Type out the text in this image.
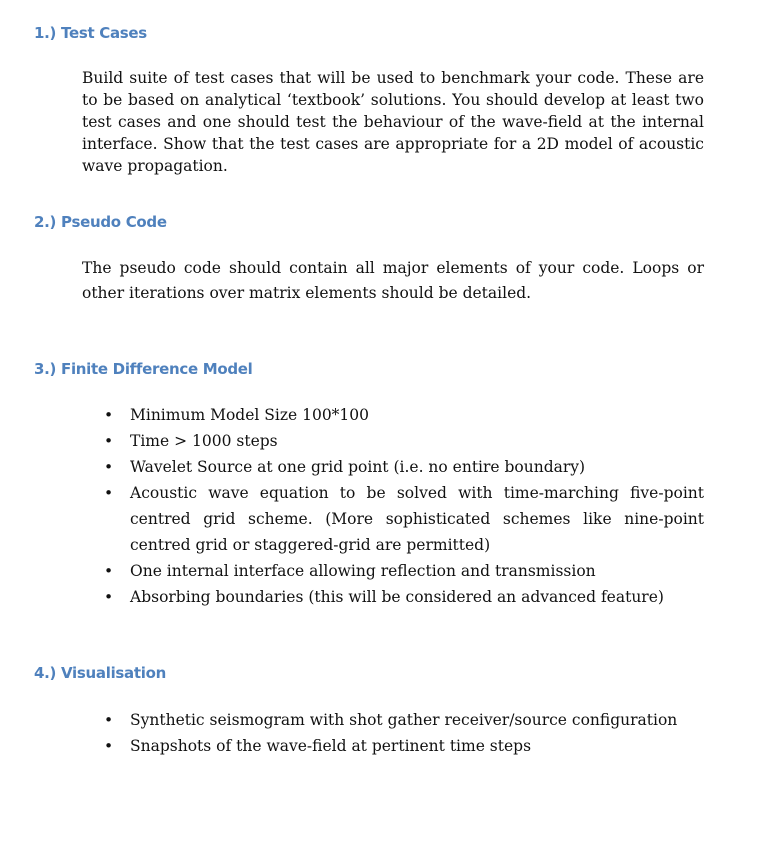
1.) Test Cases

Build suite of test cases that will be used to benchmark your code. These are to be based on analytical ‘textbook’ solutions. You should develop at least two test cases and one should test the behaviour of the wave-field at the internal interface. Show that the test cases are appropriate for a 2D model of acoustic wave propagation.

2.) Pseudo Code

The pseudo code should contain all major elements of your code. Loops or other iterations over matrix elements should be detailed.

3.) Finite Difference Model
•	Minimum Model Size 100*100
•	Time > 1000 steps
•	Wavelet Source at one grid point (i.e. no entire boundary)
•	Acoustic wave equation to be solved with time-marching five-point centred grid scheme. (More sophisticated schemes like nine-point centred grid or staggered-grid are permitted)
•	One internal interface allowing reflection and transmission
•	Absorbing boundaries (this will be considered an advanced feature)
4.) Visualisation
•	Synthetic seismogram with shot gather receiver/source configuration
•	Snapshots of the wave-field at pertinent time steps
